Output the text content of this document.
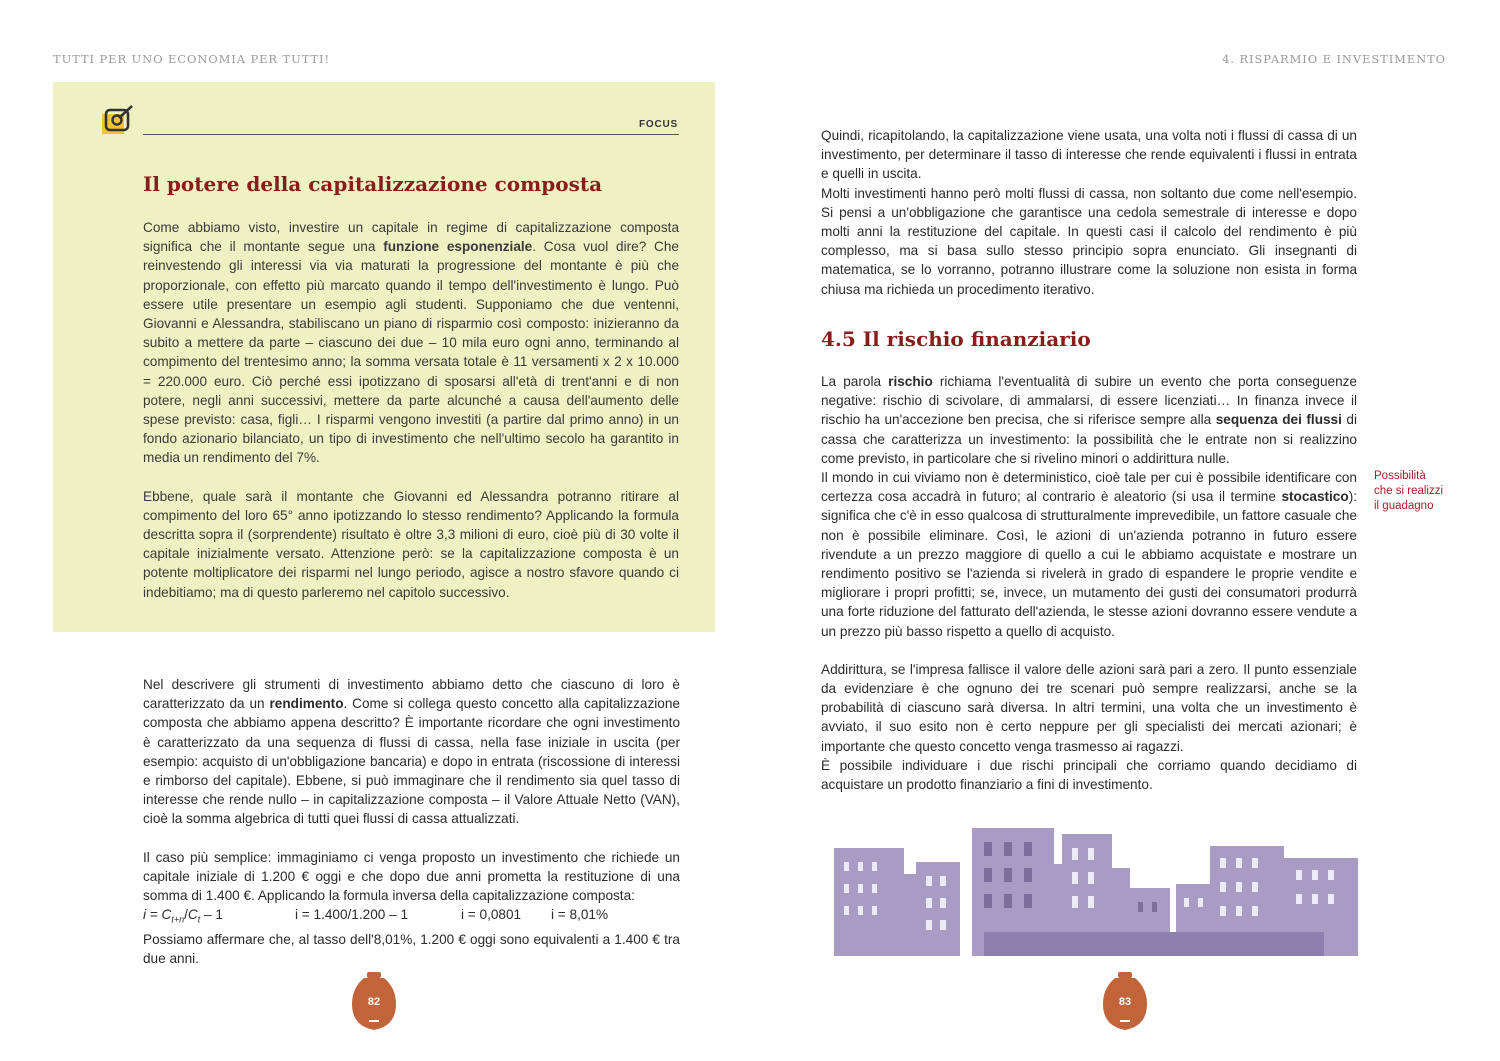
TUTTI PER UNO ECONOMIA PER TUTTI!	4. RISPARMIO E INVESTIMENTO
FOCUS
Il potere della capitalizzazione composta

Come abbiamo visto, investire un capitale in regime di capitalizzazione composta significa che il montante segue una funzione esponenziale. Cosa vuol dire? Che reinvestendo gli interessi via via maturati la progressione del montante è più che proporzionale, con effetto più marcato quando il tempo dell'investimento è lungo. Può essere utile presentare un esempio agli studenti. Supponiamo che due ventenni, Giovanni e Alessandra, stabiliscano un piano di risparmio così composto: inizieranno da subito a mettere da parte – ciascuno dei due – 10 mila euro ogni anno, terminando al compimento del trentesimo anno; la somma versata totale è 11 versamenti x 2 x 10.000 = 220.000 euro. Ciò perché essi ipotizzano di sposarsi all'età di trent'anni e di non potere, negli anni successivi, mettere da parte alcunché a causa dell'aumento delle spese previsto: casa, figli… I risparmi vengono investiti (a partire dal primo anno) in un fondo azionario bilanciato, un tipo di investimento che nell'ultimo secolo ha garantito in media un rendimento del 7%.

Ebbene, quale sarà il montante che Giovanni ed Alessandra potranno ritirare al compimento del loro 65° anno ipotizzando lo stesso rendimento? Applicando la formula descritta sopra il (sorprendente) risultato è oltre 3,3 milioni di euro, cioè più di 30 volte il capitale inizialmente versato. Attenzione però: se la capitalizzazione composta è un potente moltiplicatore dei risparmi nel lungo periodo, agisce a nostro sfavore quando ci indebitiamo; ma di questo parleremo nel capitolo successivo.

Nel descrivere gli strumenti di investimento abbiamo detto che ciascuno di loro è caratterizzato da un rendimento. Come si collega questo concetto alla capitalizzazione composta che abbiamo appena descritto? È importante ricordare che ogni investimento è caratterizzato da una sequenza di flussi di cassa, nella fase iniziale in uscita (per esempio: acquisto di un'obbligazione bancaria) e dopo in entrata (riscossione di interessi e rimborso del capitale). Ebbene, si può immaginare che il rendimento sia quel tasso di interesse che rende nullo – in capitalizzazione composta – il Valore Attuale Netto (VAN), cioè la somma algebrica di tutti quei flussi di cassa attualizzati.

Il caso più semplice: immaginiamo ci venga proposto un investimento che richiede un capitale iniziale di 1.200 € oggi e che dopo due anni prometta la restituzione di una somma di 1.400 €. Applicando la formula inversa della capitalizzazione composta:

$i = C_{t+n}/C_t - 1$	i = 1.400/1.200 – 1	i = 0,0801	i = 8,01%
Possiamo affermare che, al tasso dell'8,01%, 1.200 € oggi sono equivalenti a 1.400 € tra due anni.

Quindi, ricapitolando, la capitalizzazione viene usata, una volta noti i flussi di cassa di un investimento, per determinare il tasso di interesse che rende equivalenti i flussi in entrata e quelli in uscita.

Molti investimenti hanno però molti flussi di cassa, non soltanto due come nell'esempio. Si pensi a un'obbligazione che garantisce una cedola semestrale di interesse e dopo molti anni la restituzione del capitale. In questi casi il calcolo del rendimento è più complesso, ma si basa sullo stesso principio sopra enunciato. Gli insegnanti di matematica, se lo vorranno, potranno illustrare come la soluzione non esista in forma chiusa ma richieda un procedimento iterativo.

4.5 Il rischio finanziario

La parola rischio richiama l'eventualità di subire un evento che porta conseguenze negative: rischio di scivolare, di ammalarsi, di essere licenziati… In finanza invece il rischio ha un'accezione ben precisa, che si riferisce sempre alla sequenza dei flussi di cassa che caratterizza un investimento: la possibilità che le entrate non si realizzino come previsto, in particolare che si rivelino minori o addirittura nulle.

Il mondo in cui viviamo non è deterministico, cioè tale per cui è possibile identificare con certezza cosa accadrà in futuro; al contrario è aleatorio (si usa il termine stocastico): significa che c'è in esso qualcosa di strutturalmente imprevedibile, un fattore casuale che non è possibile eliminare. Così, le azioni di un'azienda potranno in futuro essere rivendute a un prezzo maggiore di quello a cui le abbiamo acquistate e mostrare un rendimento positivo se l'azienda si rivelerà in grado di espandere le proprie vendite e migliorare i propri profitti; se, invece, un mutamento dei gusti dei consumatori produrrà una forte riduzione del fatturato dell'azienda, le stesse azioni dovranno essere vendute a un prezzo più basso rispetto a quello di acquisto.

Addirittura, se l'impresa fallisce il valore delle azioni sarà pari a zero. Il punto essenziale da evidenziare è che ognuno dei tre scenari può sempre realizzarsi, anche se la probabilità di ciascuno sarà diversa. In altri termini, una volta che un investimento è avviato, il suo esito non è certo neppure per gli specialisti dei mercati azionari; è importante che questo concetto venga trasmesso ai ragazzi.

È possibile individuare i due rischi principali che corriamo quando decidiamo di acquistare un prodotto finanziario a fini di investimento.

Possibilità che si realizzi il guadagno
82	83
